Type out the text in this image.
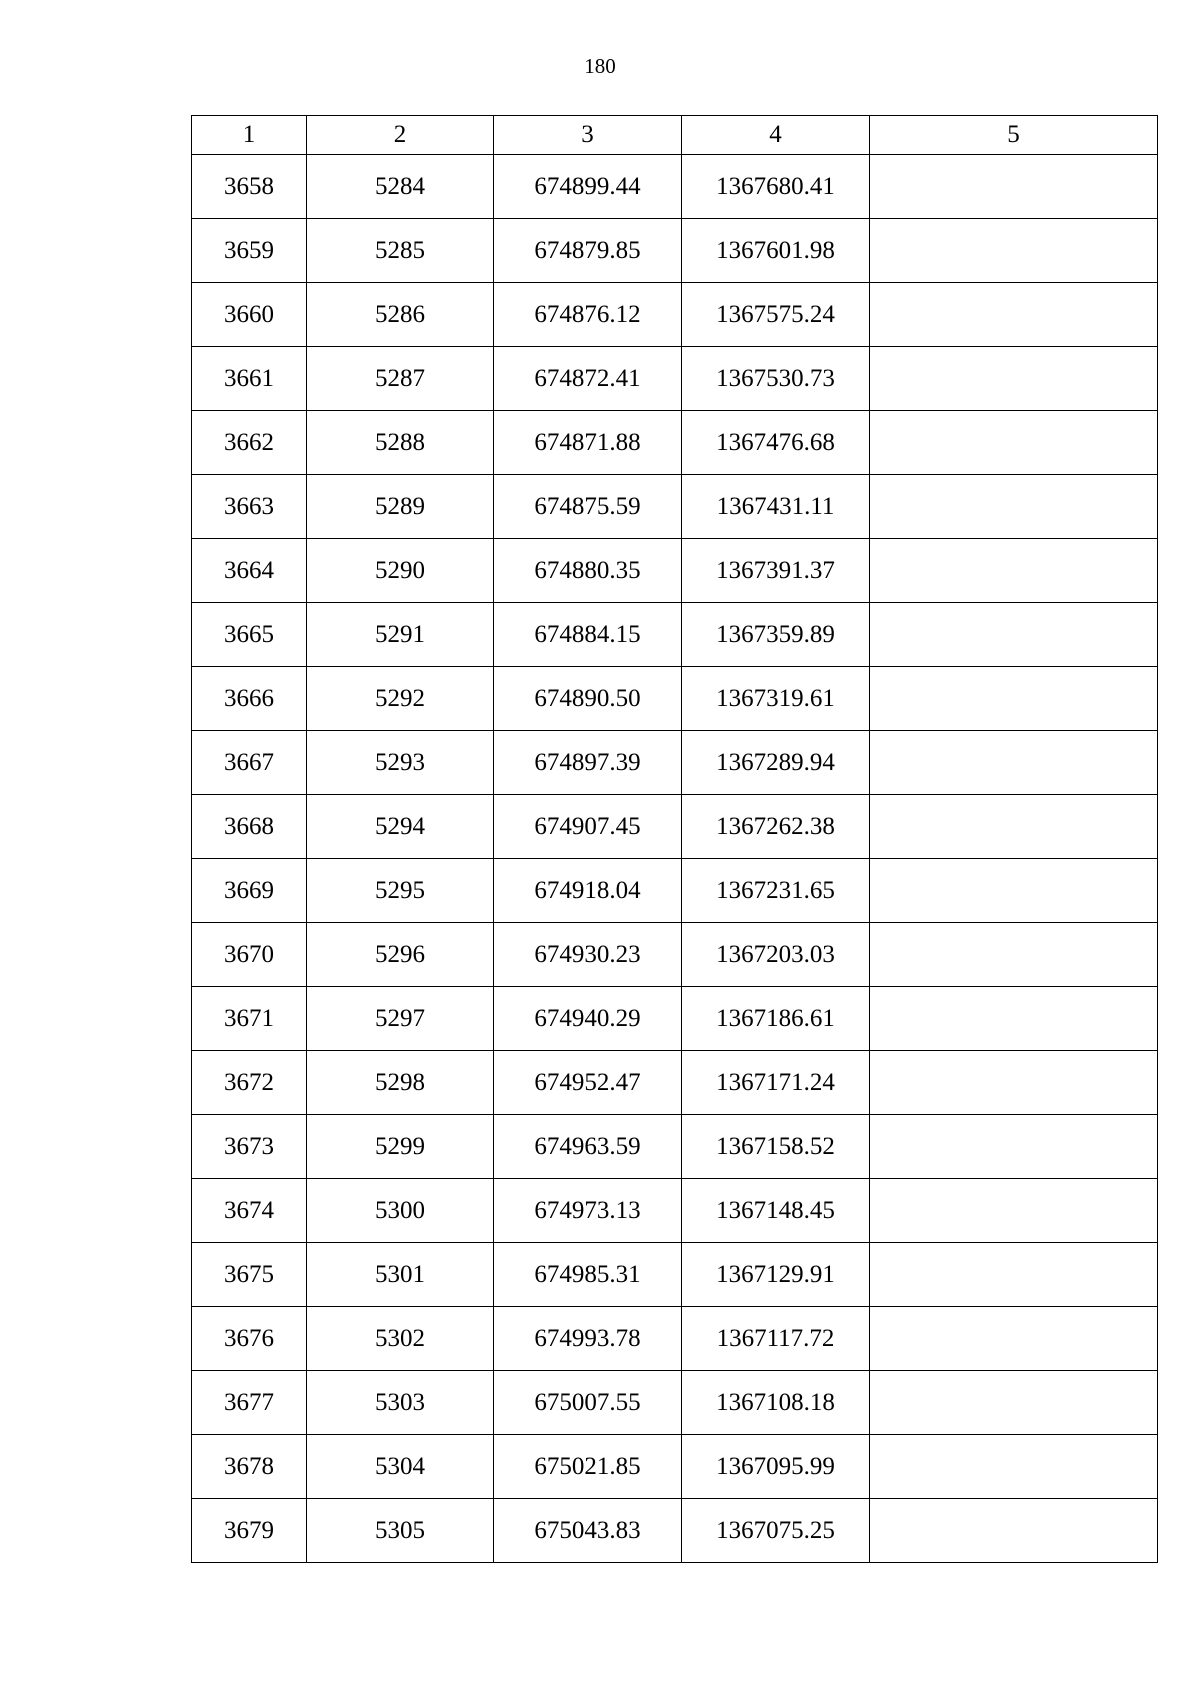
180
1	2	3	4	5
3658	5284	674899.44	1367680.41	
3659	5285	674879.85	1367601.98	
3660	5286	674876.12	1367575.24	
3661	5287	674872.41	1367530.73	
3662	5288	674871.88	1367476.68	
3663	5289	674875.59	1367431.11	
3664	5290	674880.35	1367391.37	
3665	5291	674884.15	1367359.89	
3666	5292	674890.50	1367319.61	
3667	5293	674897.39	1367289.94	
3668	5294	674907.45	1367262.38	
3669	5295	674918.04	1367231.65	
3670	5296	674930.23	1367203.03	
3671	5297	674940.29	1367186.61	
3672	5298	674952.47	1367171.24	
3673	5299	674963.59	1367158.52	
3674	5300	674973.13	1367148.45	
3675	5301	674985.31	1367129.91	
3676	5302	674993.78	1367117.72	
3677	5303	675007.55	1367108.18	
3678	5304	675021.85	1367095.99	
3679	5305	675043.83	1367075.25	
